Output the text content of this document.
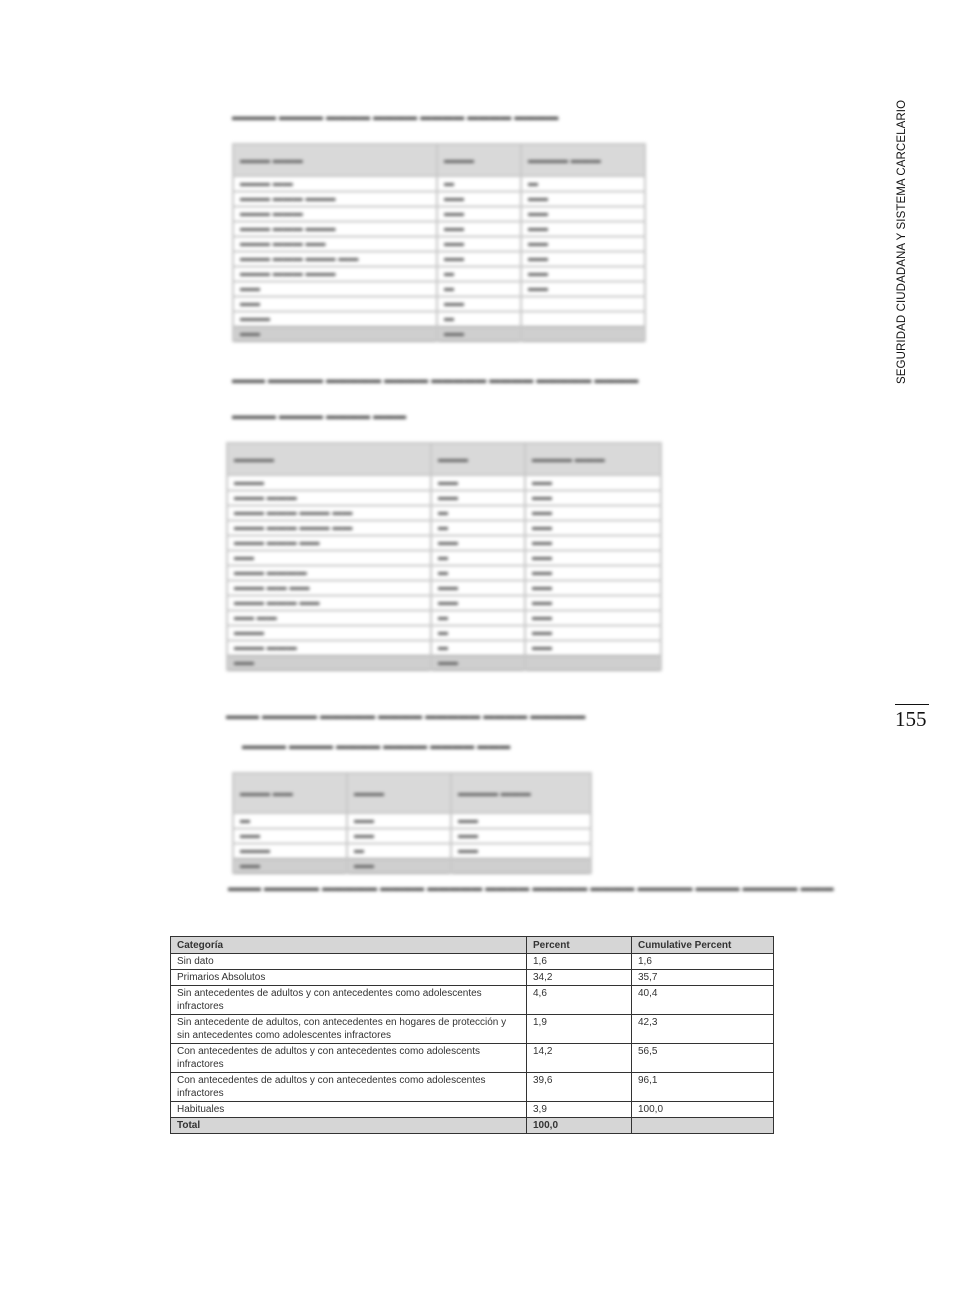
▬▬▬▬ ▬▬▬▬ ▬▬▬▬ ▬▬▬▬ ▬▬▬▬ ▬▬▬▬ ▬▬▬▬
▬▬▬ ▬▬▬	▬▬▬	▬▬▬▬ ▬▬▬
▬▬▬ ▬▬	▬	▬
▬▬▬ ▬▬▬ ▬▬▬	▬▬	▬▬
▬▬▬ ▬▬▬	▬▬	▬▬
▬▬▬ ▬▬▬ ▬▬▬	▬▬	▬▬
▬▬▬ ▬▬▬ ▬▬	▬▬	▬▬
▬▬▬ ▬▬▬ ▬▬▬ ▬▬	▬▬	▬▬
▬▬▬ ▬▬▬ ▬▬▬	▬	▬▬
▬▬	▬	▬▬
▬▬	▬▬	
▬▬▬	▬	
▬▬	▬▬	
▬▬▬ ▬▬▬▬▬ ▬▬▬▬▬ ▬▬▬▬ ▬▬▬▬▬ ▬▬▬▬ ▬▬▬▬▬ ▬▬▬▬
▬▬▬▬ ▬▬▬▬ ▬▬▬▬ ▬▬▬
▬▬▬▬	▬▬▬	▬▬▬▬ ▬▬▬
▬▬▬	▬▬	▬▬
▬▬▬ ▬▬▬	▬▬	▬▬
▬▬▬ ▬▬▬ ▬▬▬ ▬▬	▬	▬▬
▬▬▬ ▬▬▬ ▬▬▬ ▬▬	▬	▬▬
▬▬▬ ▬▬▬ ▬▬	▬▬	▬▬
▬▬	▬	▬▬
▬▬▬ ▬▬▬▬	▬	▬▬
▬▬▬ ▬▬ ▬▬	▬▬	▬▬
▬▬▬ ▬▬▬ ▬▬	▬▬	▬▬
▬▬ ▬▬	▬	▬▬
▬▬▬	▬	▬▬
▬▬▬ ▬▬▬	▬	▬▬
▬▬	▬▬	
▬▬▬ ▬▬▬▬▬ ▬▬▬▬▬ ▬▬▬▬ ▬▬▬▬▬ ▬▬▬▬ ▬▬▬▬▬
▬▬▬▬ ▬▬▬▬ ▬▬▬▬ ▬▬▬▬ ▬▬▬▬ ▬▬▬
▬▬▬ ▬▬	▬▬▬	▬▬▬▬ ▬▬▬
▬	▬▬	▬▬
▬▬	▬▬	▬▬
▬▬▬	▬	▬▬
▬▬	▬▬	
▬▬▬ ▬▬▬▬▬ ▬▬▬▬▬ ▬▬▬▬ ▬▬▬▬▬ ▬▬▬▬ ▬▬▬▬▬ ▬▬▬▬ ▬▬▬▬▬ ▬▬▬▬ ▬▬▬▬▬ ▬▬▬
SEGURIDAD CIUDADANA Y SISTEMA CARCELARIO
155
Categoría	Percent	Cumulative Percent
Sin dato	1,6	1,6
Primarios Absolutos	34,2	35,7
Sin antecedentes de adultos y con antecedentes como adolescentes infractores	4,6	40,4
Sin antecedente de adultos, con antecedentes en hogares de protección y sin antecedentes como adolescentes infractores	1,9	42,3
Con antecedentes de adultos y con antecedentes como adolescents infractores	14,2	56,5
Con antecedentes de adultos y con antecedentes como adolescentes infractores	39,6	96,1
Habituales	3,9	100,0
Total	100,0	
